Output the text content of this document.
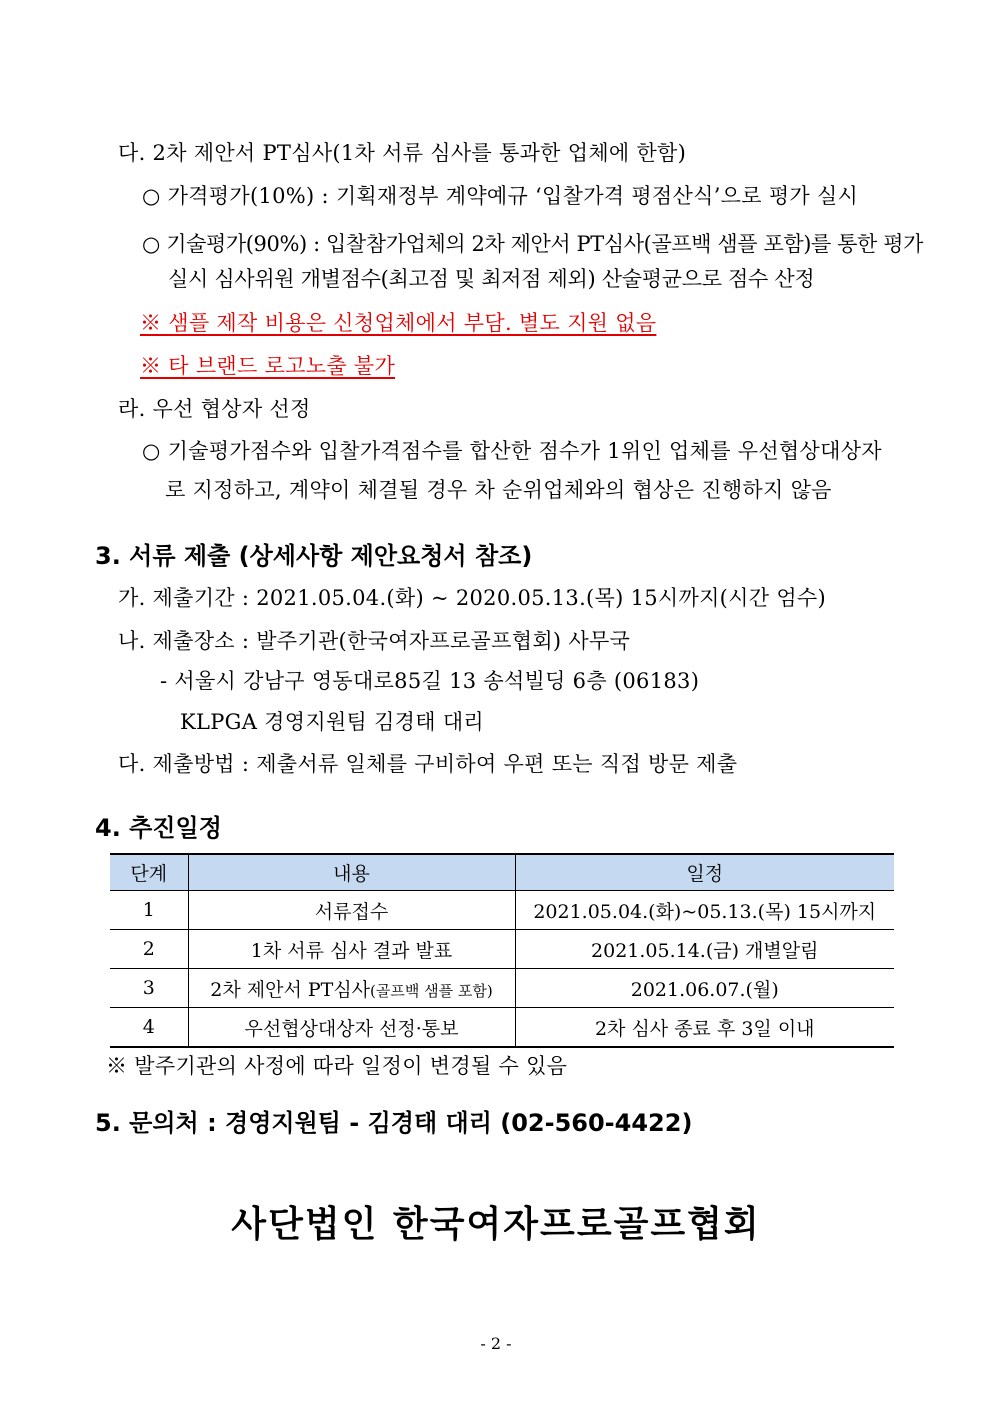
다. 2차 제안서 PT심사(1차 서류 심사를 통과한 업체에 한함)
○ 가격평가(10%) : 기획재정부 계약예규 ‘입찰가격 평점산식’으로 평가 실시
○ 기술평가(90%) : 입찰참가업체의 2차 제안서 PT심사(골프백 샘플 포함)를 통한 평가
실시 심사위원 개별점수(최고점 및 최저점 제외) 산술평균으로 점수 산정
※ 샘플 제작 비용은 신청업체에서 부담. 별도 지원 없음
※ 타 브랜드 로고노출 불가
라. 우선 협상자 선정
○ 기술평가점수와 입찰가격점수를 합산한 점수가 1위인 업체를 우선협상대상자
로 지정하고, 계약이 체결될 경우 차 순위업체와의 협상은 진행하지 않음
3. 서류 제출 (상세사항 제안요청서 참조)
가. 제출기간 : 2021.05.04.(화) ~ 2020.05.13.(목) 15시까지(시간 엄수)
나. 제출장소 : 발주기관(한국여자프로골프협회) 사무국
- 서울시 강남구 영동대로85길 13 송석빌딩 6층 (06183)
KLPGA 경영지원팀 김경태 대리
다. 제출방법 : 제출서류 일체를 구비하여 우편 또는 직접 방문 제출
4. 추진일정
단계	내용	일정
1	서류접수	2021.05.04.(화)~05.13.(목) 15시까지
2	1차 서류 심사 결과 발표	2021.05.14.(금) 개별알림
3	2차 제안서 PT심사(골프백 샘플 포함)	2021.06.07.(월)
4	우선협상대상자 선정·통보	2차 심사 종료 후 3일 이내
※ 발주기관의 사정에 따라 일정이 변경될 수 있음
5. 문의처 : 경영지원팀 - 김경태 대리 (02-560-4422)
사단법인 한국여자프로골프협회
- 2 -
